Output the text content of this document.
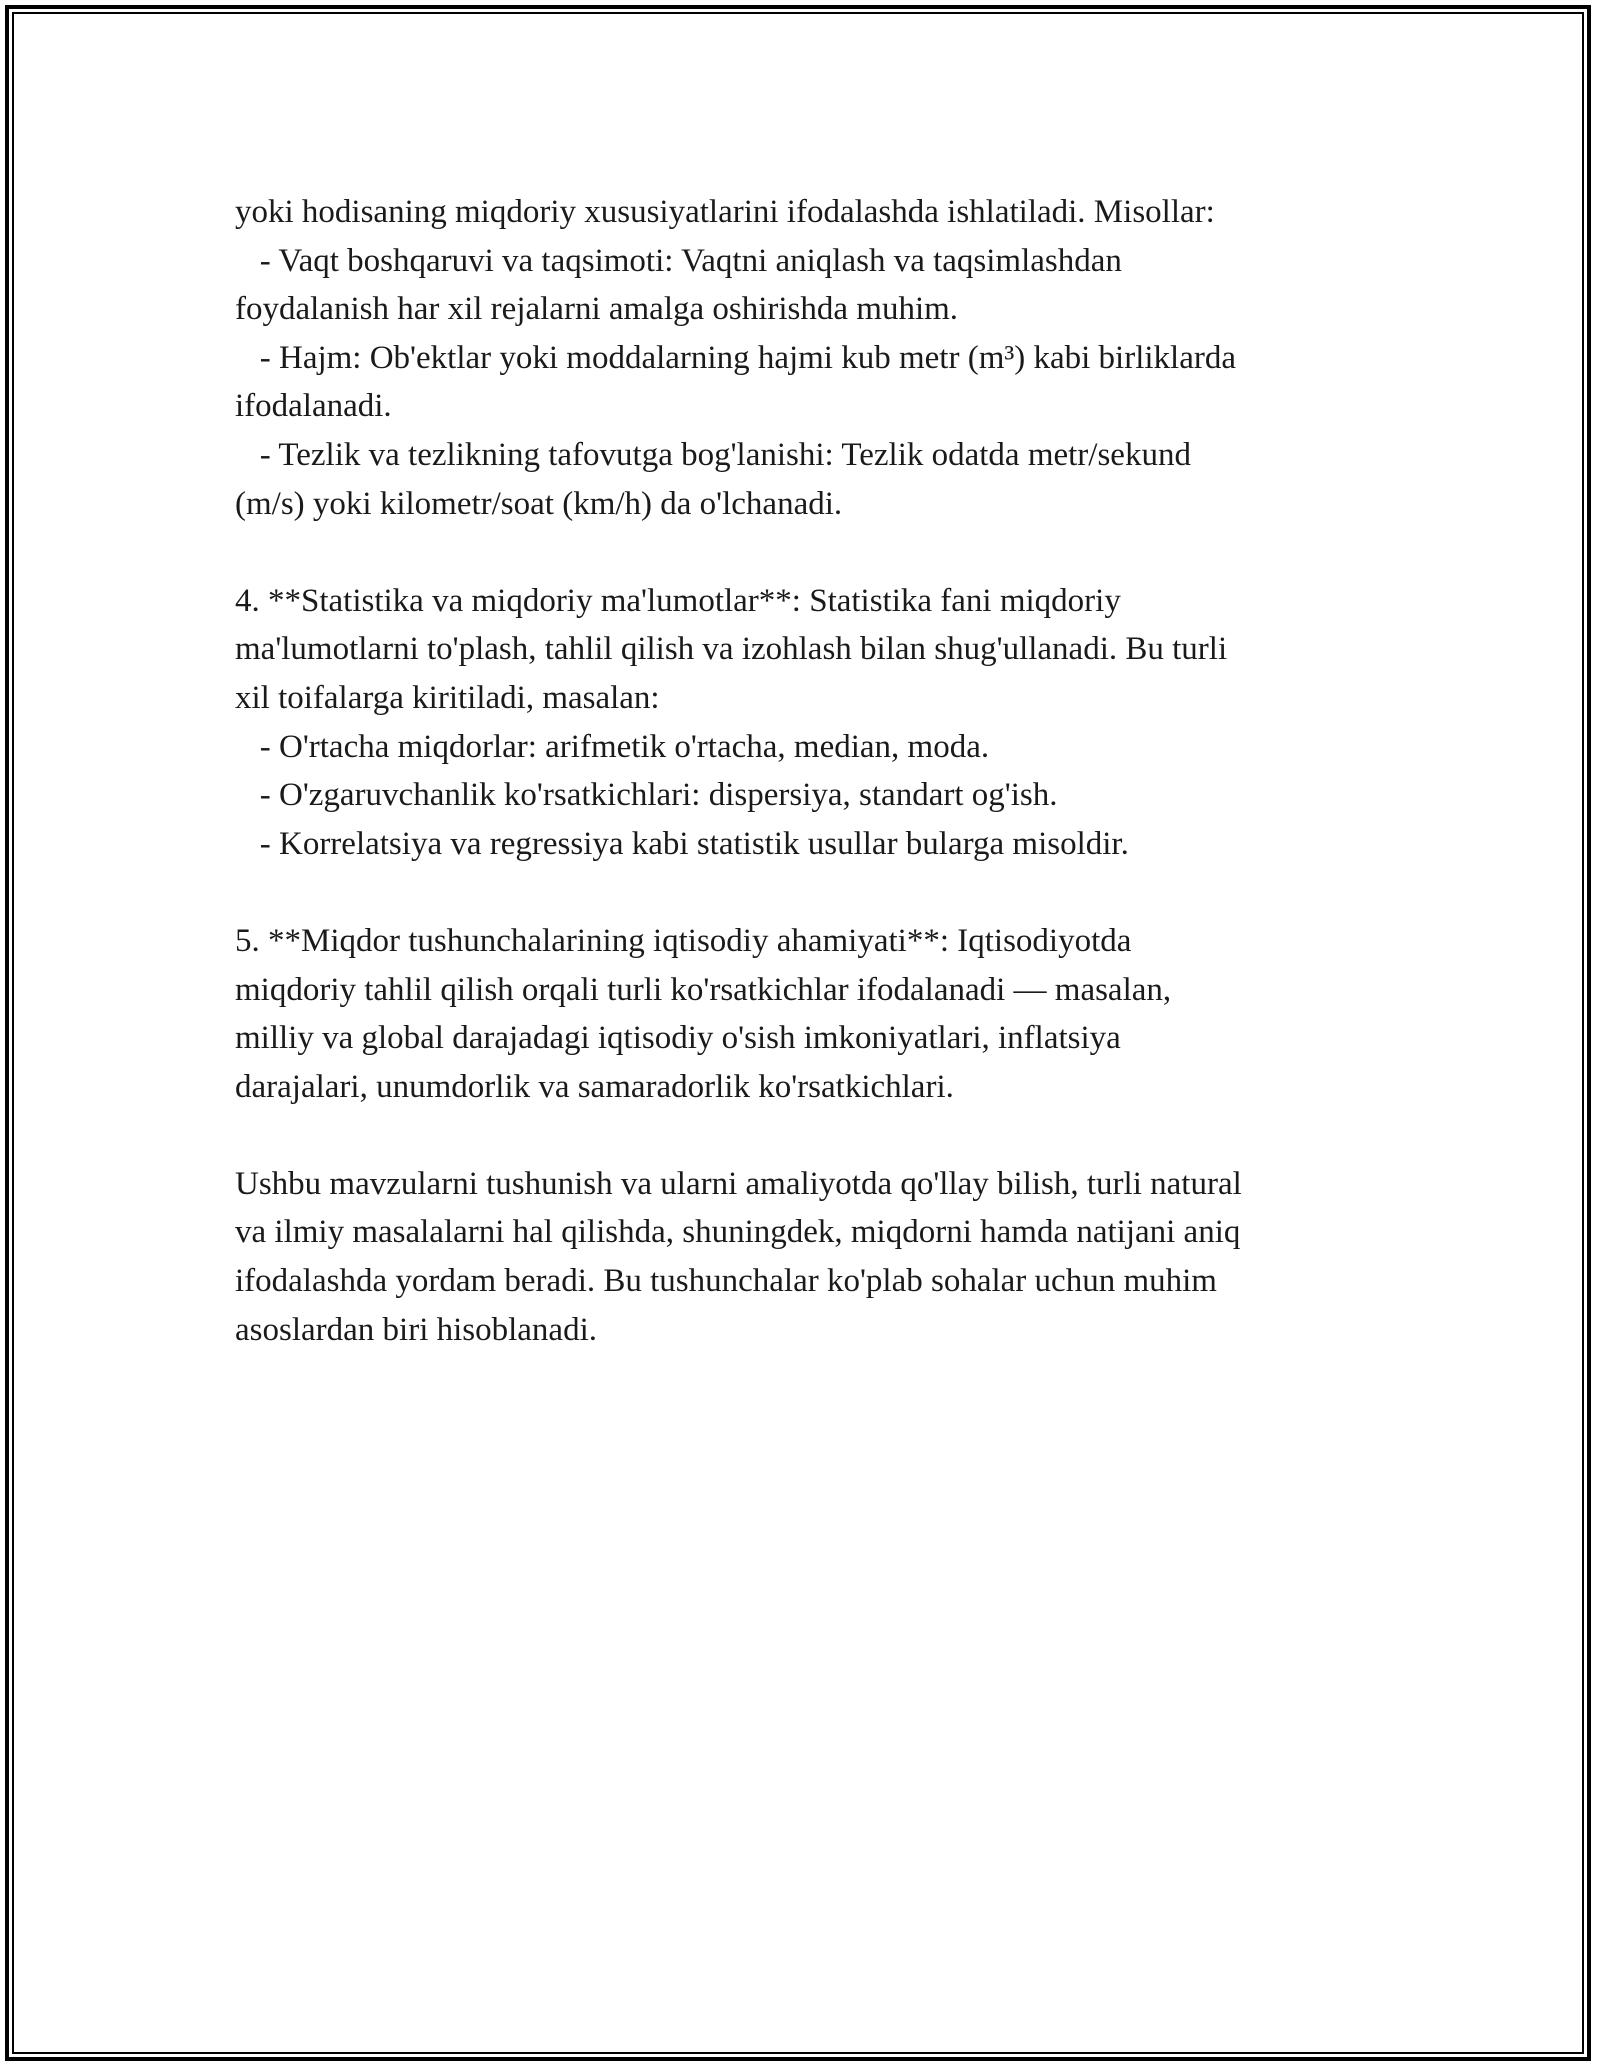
yoki hodisaning miqdoriy xususiyatlarini ifodalashda ishlatiladi. Misollar:
- Vaqt boshqaruvi va taqsimoti: Vaqtni aniqlash va taqsimlashdan
foydalanish har xil rejalarni amalga oshirishda muhim.
- Hajm: Ob'ektlar yoki moddalarning hajmi kub metr (m³) kabi birliklarda
ifodalanadi.
- Tezlik va tezlikning tafovutga bog'lanishi: Tezlik odatda metr/sekund
(m/s) yoki kilometr/soat (km/h) da o'lchanadi.
4. **Statistika va miqdoriy ma'lumotlar**: Statistika fani miqdoriy
ma'lumotlarni to'plash, tahlil qilish va izohlash bilan shug'ullanadi. Bu turli
xil toifalarga kiritiladi, masalan:
- O'rtacha miqdorlar: arifmetik o'rtacha, median, moda.
- O'zgaruvchanlik ko'rsatkichlari: dispersiya, standart og'ish.
- Korrelatsiya va regressiya kabi statistik usullar bularga misoldir.
5. **Miqdor tushunchalarining iqtisodiy ahamiyati**: Iqtisodiyotda
miqdoriy tahlil qilish orqali turli ko'rsatkichlar ifodalanadi — masalan,
milliy va global darajadagi iqtisodiy o'sish imkoniyatlari, inflatsiya
darajalari, unumdorlik va samaradorlik ko'rsatkichlari.
Ushbu mavzularni tushunish va ularni amaliyotda qo'llay bilish, turli natural
va ilmiy masalalarni hal qilishda, shuningdek, miqdorni hamda natijani aniq
ifodalashda yordam beradi. Bu tushunchalar ko'plab sohalar uchun muhim
asoslardan biri hisoblanadi.
